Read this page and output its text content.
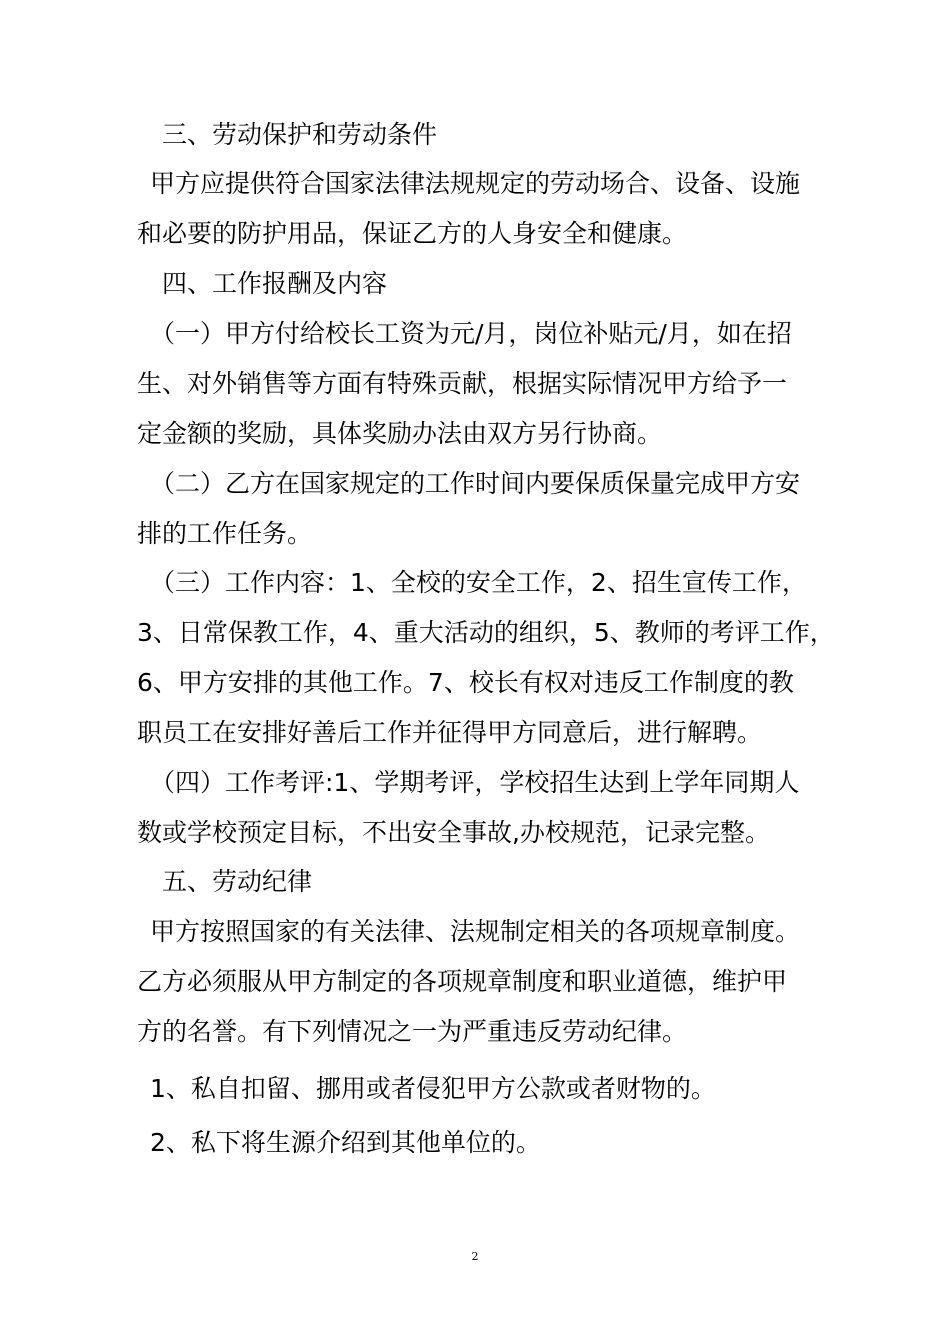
三、劳动保护和劳动条件
甲方应提供符合国家法律法规规定的劳动场合、设备、设施
和必要的防护用品，保证乙方的人身安全和健康。
四、工作报酬及内容
（一）甲方付给校长工资为元/月，岗位补贴元/月，如在招
生、对外销售等方面有特殊贡献，根据实际情况甲方给予一
定金额的奖励，具体奖励办法由双方另行协商。
（二）乙方在国家规定的工作时间内要保质保量完成甲方安
排的工作任务。
（三）工作内容：1、全校的安全工作，2、招生宣传工作，
3、日常保教工作，4、重大活动的组织，5、教师的考评工作，
6、甲方安排的其他工作。7、校长有权对违反工作制度的教
职员工在安排好善后工作并征得甲方同意后，进行解聘。
（四）工作考评:1、学期考评，学校招生达到上学年同期人
数或学校预定目标，不出安全事故,办校规范，记录完整。
五、劳动纪律
甲方按照国家的有关法律、法规制定相关的各项规章制度。
乙方必须服从甲方制定的各项规章制度和职业道德，维护甲
方的名誉。有下列情况之一为严重违反劳动纪律。
1、私自扣留、挪用或者侵犯甲方公款或者财物的。
2、私下将生源介绍到其他单位的。
2
